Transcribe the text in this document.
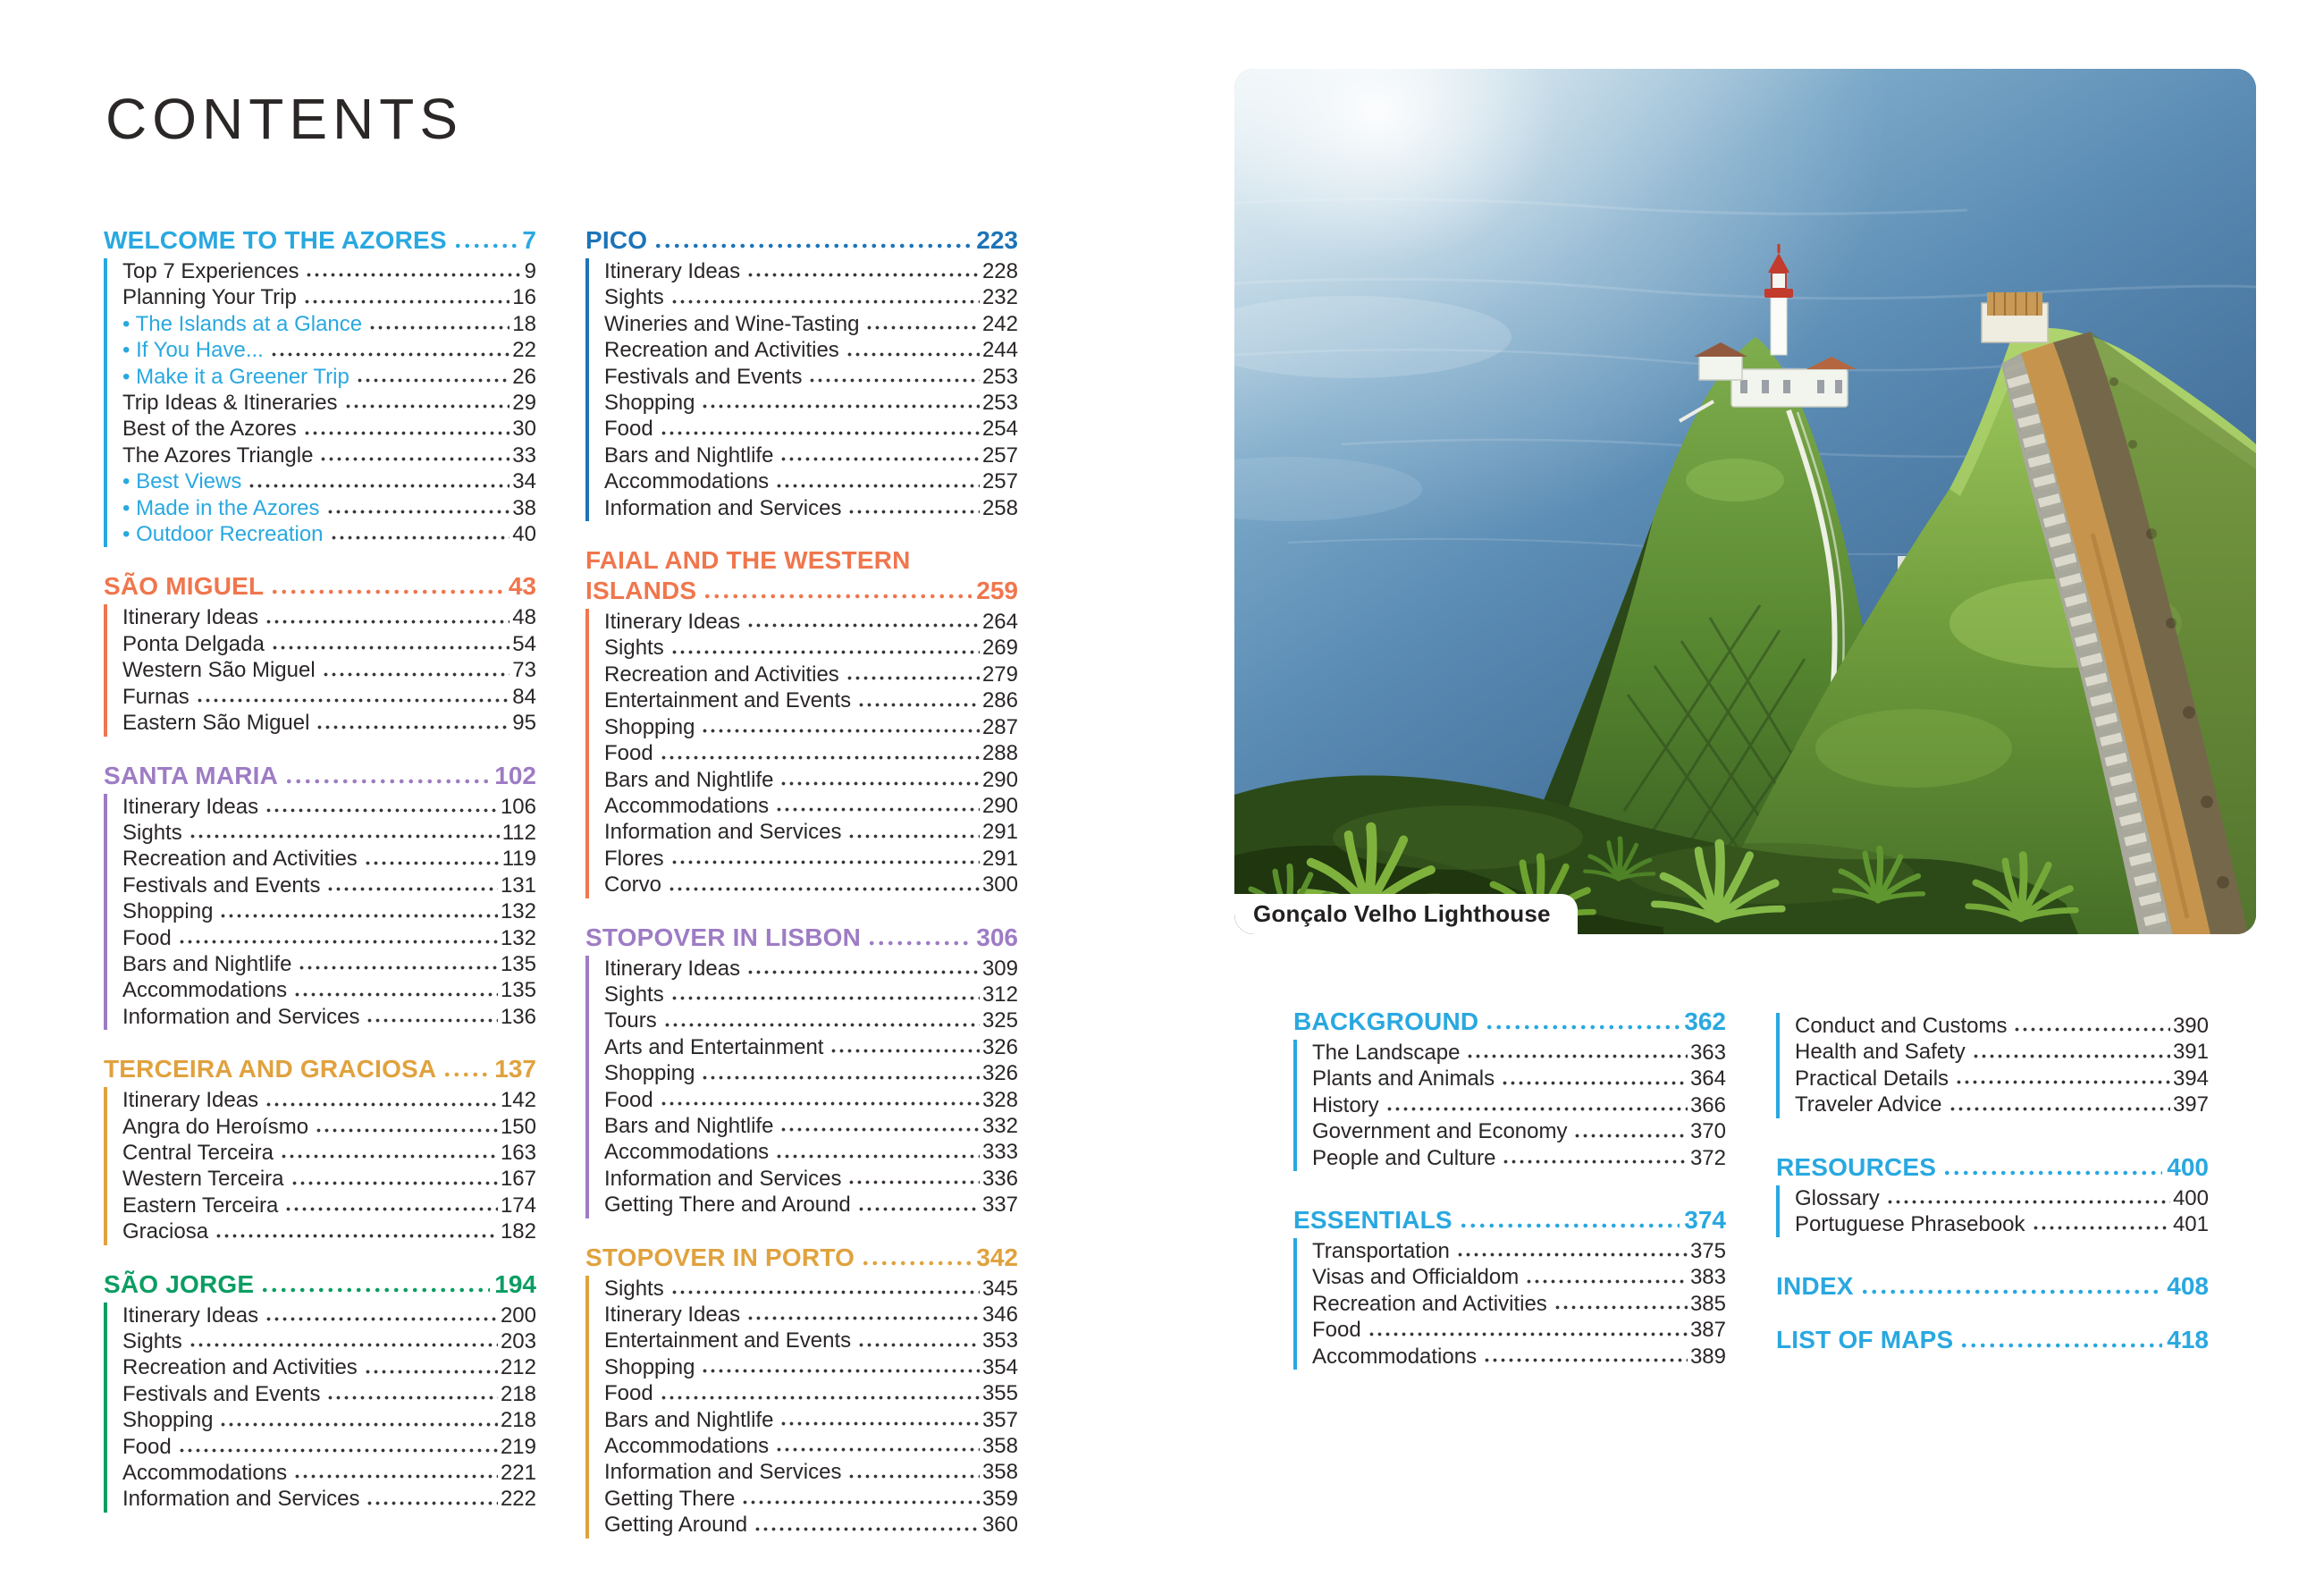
CONTENTS
WELCOME TO THE AZORES	7
Top 7 Experiences	9
Planning Your Trip	16
• The Islands at a Glance	18
• If You Have...	22
• Make it a Greener Trip	26
Trip Ideas & Itineraries	29
Best of the Azores	30
The Azores Triangle	33
• Best Views	34
• Made in the Azores	38
• Outdoor Recreation	40
SÃO MIGUEL	43
Itinerary Ideas	48
Ponta Delgada	54
Western São Miguel	73
Furnas	84
Eastern São Miguel	95
SANTA MARIA	102
Itinerary Ideas	106
Sights	112
Recreation and Activities	119
Festivals and Events	131
Shopping	132
Food	132
Bars and Nightlife	135
Accommodations	135
Information and Services	136
TERCEIRA AND GRACIOSA 137
Itinerary Ideas	142
Angra do Heroísmo	150
Central Terceira	163
Western Terceira	167
Eastern Terceira	174
Graciosa	182
SÃO JORGE	194
Itinerary Ideas	200
Sights	203
Recreation and Activities	212
Festivals and Events	218
Shopping	218
Food	219
Accommodations	221
Information and Services	222
PICO	223
Itinerary Ideas	228
Sights	232
Wineries and Wine-Tasting	242
Recreation and Activities	244
Festivals and Events	253
Shopping	253
Food	254
Bars and Nightlife	257
Accommodations	257
Information and Services	258
FAIAL AND THE WESTERN
ISLANDS	259
Itinerary Ideas	264
Sights	269
Recreation and Activities	279
Entertainment and Events	286
Shopping	287
Food	288
Bars and Nightlife	290
Accommodations	290
Information and Services	291
Flores	291
Corvo	300
STOPOVER IN LISBON	306
Itinerary Ideas	309
Sights	312
Tours	325
Arts and Entertainment	326
Shopping	326
Food	328
Bars and Nightlife	332
Accommodations	333
Information and Services	336
Getting There and Around	337
STOPOVER IN PORTO	342
Sights	345
Itinerary Ideas	346
Entertainment and Events	353
Shopping	354
Food	355
Bars and Nightlife	357
Accommodations	358
Information and Services	358
Getting There	359
Getting Around	360
BACKGROUND	362
The Landscape	363
Plants and Animals	364
History	366
Government and Economy	370
People and Culture	372
ESSENTIALS	374
Transportation	375
Visas and Officialdom	383
Recreation and Activities	385
Food	387
Accommodations	389
Conduct and Customs	390
Health and Safety	391
Practical Details	394
Traveler Advice	397
RESOURCES	400
Glossary	400
Portuguese Phrasebook	401
INDEX	408
LIST OF MAPS	418
Gonçalo Velho Lighthouse
